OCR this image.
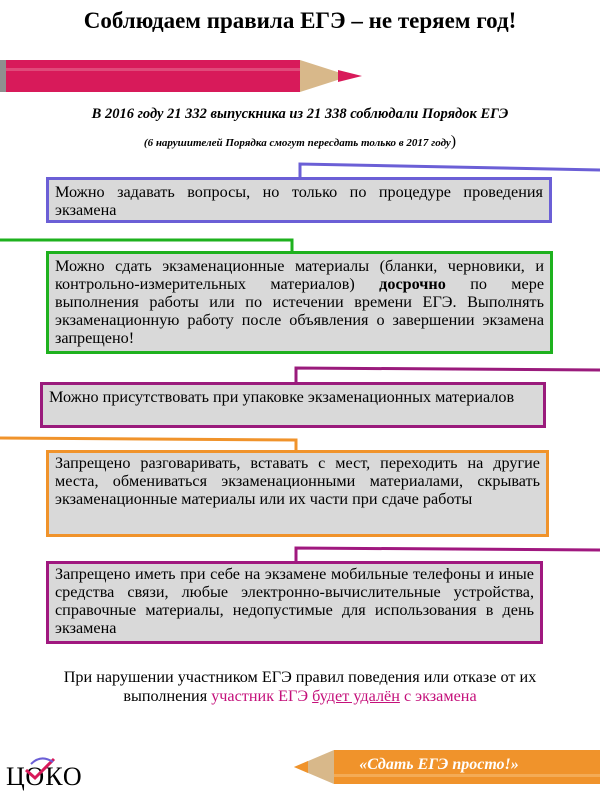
Соблюдаем правила ЕГЭ – не теряем год!
В 2016 году 21 332 выпускника из 21 338 соблюдали Порядок ЕГЭ
(6 нарушителей Порядка смогут пересдать только в 2017 году)
Можно задавать вопросы, но только по процедуре проведения экзамена
Можно сдать экзаменационные материалы (бланки, черновики, и контрольно-измерительных материалов) досрочно по мере выполнения работы или по истечении времени ЕГЭ. Выполнять экзаменационную работу после объявления о завершении экзамена запрещено!
Можно присутствовать при упаковке экзаменационных материалов
Запрещено разговаривать, вставать с мест, переходить на другие места, обмениваться экзаменационными материалами, скрывать экзаменационные материалы или их части при сдаче работы
Запрещено иметь при себе на экзамене мобильные телефоны и иные средства связи, любые электронно-вычислительные устройства, справочные материалы, недопустимые для использования в день экзамена
При нарушении участником ЕГЭ правил поведения или отказе от их
выполнения участник ЕГЭ будет удалён с экзамена
ЦОКО	«Сдать ЕГЭ просто!»
